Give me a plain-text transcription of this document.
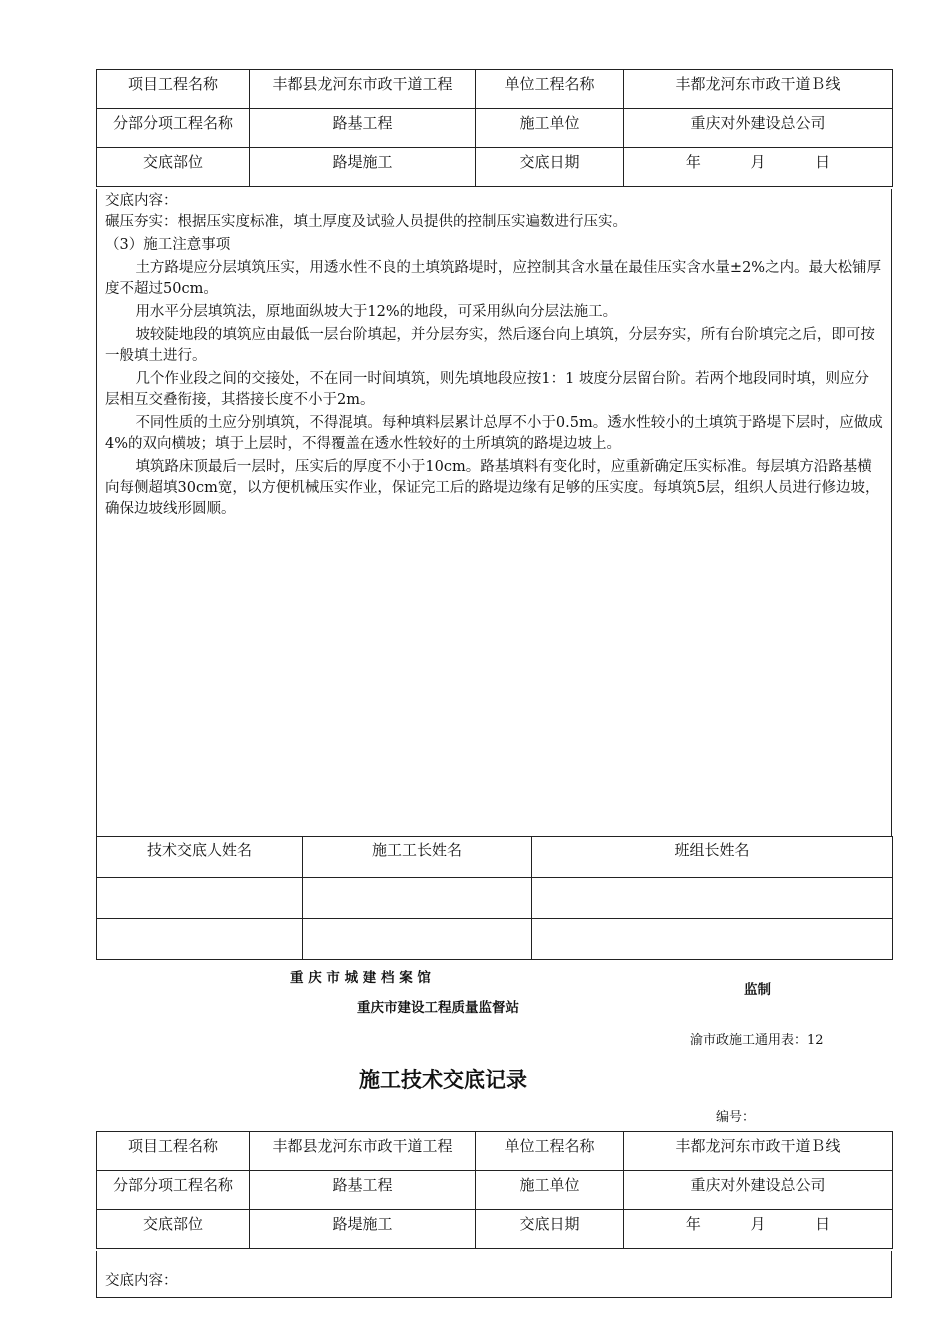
项目工程名称	丰都县龙河东市政干道工程	单位工程名称	丰都龙河东市政干道Ｂ线
分部分项工程名称	路基工程	施工单位	重庆对外建设总公司
交底部位	路堤施工	交底日期	年 月 日

交底内容：

碾压夯实：根据压实度标准，填土厚度及试验人员提供的控制压实遍数进行压实。

（3）施工注意事项

土方路堤应分层填筑压实，用透水性不良的土填筑路堤时，应控制其含水量在最佳压实含水量±2%之内。最大松铺厚度不超过50cm。

用水平分层填筑法，原地面纵坡大于12%的地段，可采用纵向分层法施工。

坡较陡地段的填筑应由最低一层台阶填起，并分层夯实，然后逐台向上填筑，分层夯实，所有台阶填完之后，即可按一般填土进行。

几个作业段之间的交接处，不在同一时间填筑，则先填地段应按1：1 坡度分层留台阶。若两个地段同时填，则应分层相互交叠衔接，其搭接长度不小于2m。

不同性质的土应分别填筑，不得混填。每种填料层累计总厚不小于0.5m。透水性较小的土填筑于路堤下层时，应做成4%的双向横坡；填于上层时，不得覆盖在透水性较好的土所填筑的路堤边坡上。

填筑路床顶最后一层时，压实后的厚度不小于10cm。路基填料有变化时，应重新确定压实标准。每层填方沿路基横向每侧超填30cm宽，以方便机械压实作业，保证完工后的路堤边缘有足够的压实度。每填筑5层，组织人员进行修边坡，确保边坡线形圆顺。

技术交底人姓名	施工工长姓名	班组长姓名

重 庆 市 城 建 档 案 馆
监制
重庆市建设工程质量监督站
渝市政施工通用表：12
施工技术交底记录
编号：
项目工程名称	丰都县龙河东市政干道工程	单位工程名称	丰都龙河东市政干道Ｂ线
分部分项工程名称	路基工程	施工单位	重庆对外建设总公司
交底部位	路堤施工	交底日期	年 月 日

交底内容：
